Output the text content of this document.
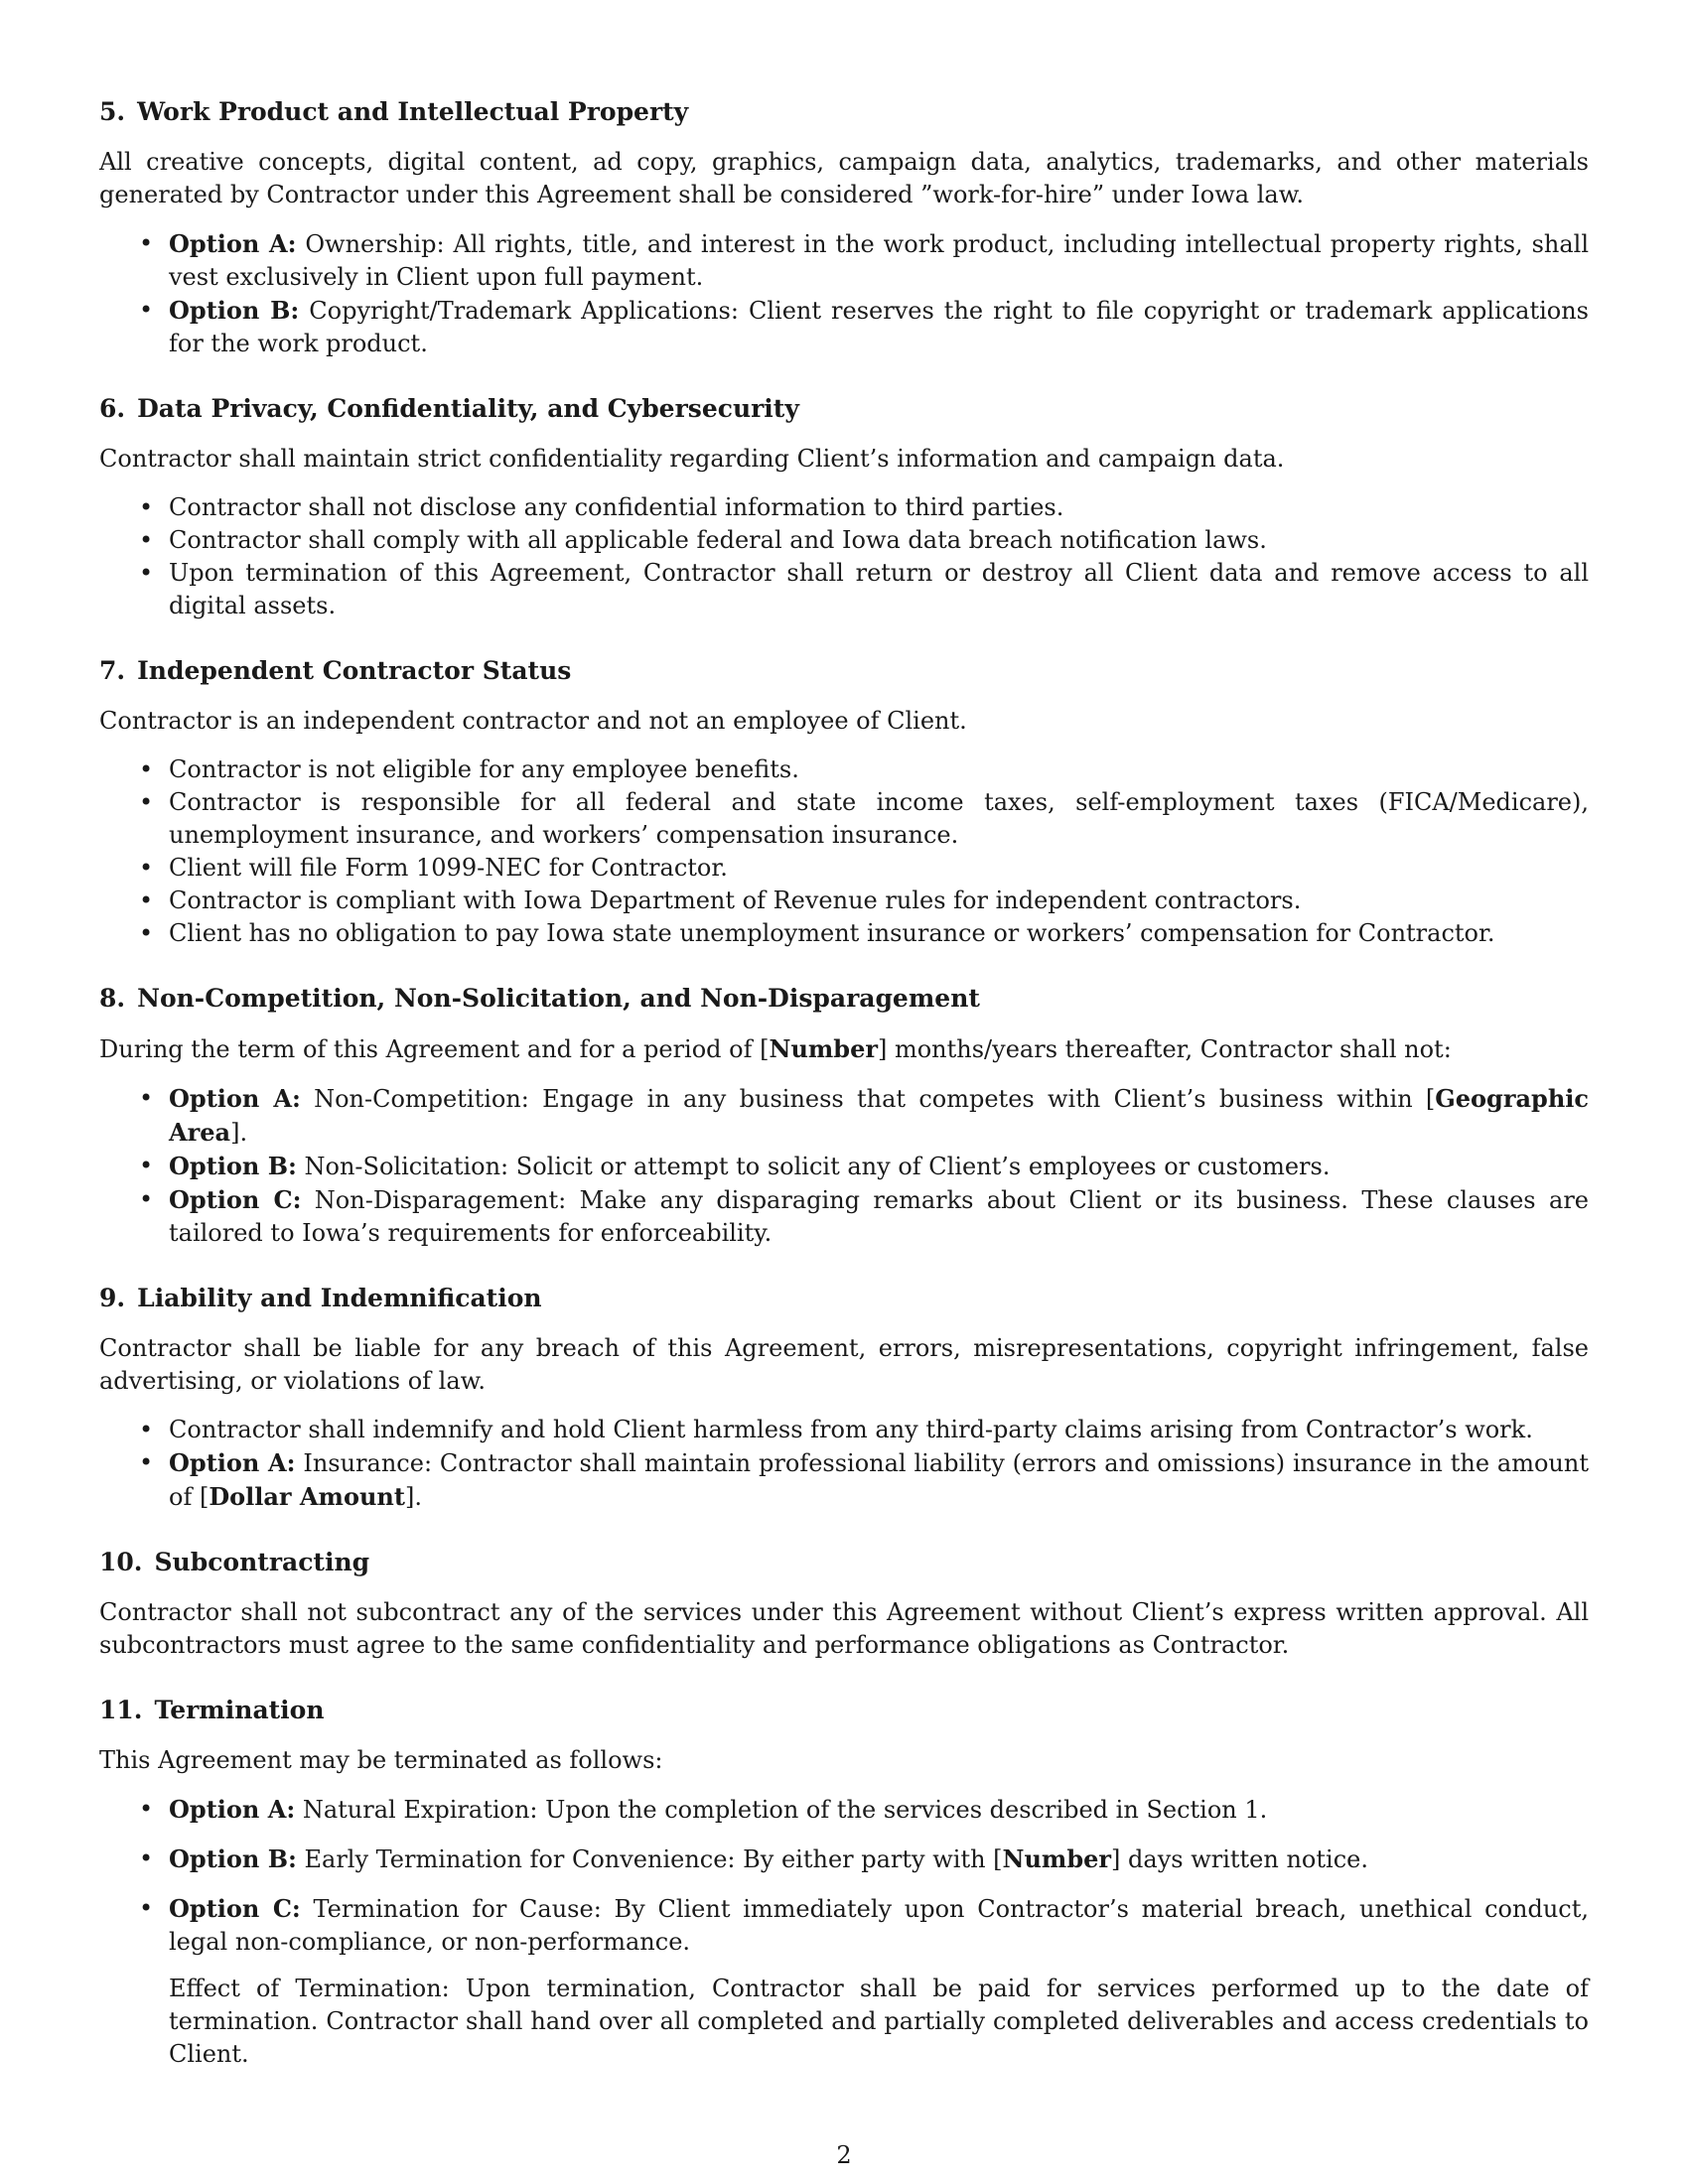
5. Work Product and Intellectual Property

All creative concepts, digital content, ad copy, graphics, campaign data, analytics, trademarks, and other materials generated by Contractor under this Agreement shall be considered ”work-for-hire” under Iowa law.

• Option A: Ownership: All rights, title, and interest in the work product, including intellectual property rights, shall vest exclusively in Client upon full payment.
• Option B: Copyright/Trademark Applications: Client reserves the right to file copyright or trademark applications for the work product.
6. Data Privacy, Confidentiality, and Cybersecurity

Contractor shall maintain strict confidentiality regarding Client’s information and campaign data.

• Contractor shall not disclose any confidential information to third parties.
• Contractor shall comply with all applicable federal and Iowa data breach notification laws.
• Upon termination of this Agreement, Contractor shall return or destroy all Client data and remove access to all digital assets.
7. Independent Contractor Status

Contractor is an independent contractor and not an employee of Client.

• Contractor is not eligible for any employee benefits.
• Contractor is responsible for all federal and state income taxes, self-employment taxes (FICA/Medicare), unemployment insurance, and workers’ compensation insurance.
• Client will file Form 1099-NEC for Contractor.
• Contractor is compliant with Iowa Department of Revenue rules for independent contractors.
• Client has no obligation to pay Iowa state unemployment insurance or workers’ compensation for Contractor.
8. Non-Competition, Non-Solicitation, and Non-Disparagement

During the term of this Agreement and for a period of [Number] months/years thereafter, Contractor shall not:

• Option A: Non-Competition: Engage in any business that competes with Client’s business within [Geographic Area].
• Option B: Non-Solicitation: Solicit or attempt to solicit any of Client’s employees or customers.
• Option C: Non-Disparagement: Make any disparaging remarks about Client or its business. These clauses are tailored to Iowa’s requirements for enforceability.
9. Liability and Indemnification

Contractor shall be liable for any breach of this Agreement, errors, misrepresentations, copyright infringement, false advertising, or violations of law.

• Contractor shall indemnify and hold Client harmless from any third-party claims arising from Contractor’s work.
• Option A: Insurance: Contractor shall maintain professional liability (errors and omissions) insurance in the amount of [Dollar Amount].
10. Subcontracting

Contractor shall not subcontract any of the services under this Agreement without Client’s express written approval. All subcontractors must agree to the same confidentiality and performance obligations as Contractor.

11. Termination

This Agreement may be terminated as follows:

• Option A: Natural Expiration: Upon the completion of the services described in Section 1.
• Option B: Early Termination for Convenience: By either party with [Number] days written notice.
• Option C: Termination for Cause: By Client immediately upon Contractor’s material breach, unethical conduct, legal non-compliance, or non-performance.

Effect of Termination: Upon termination, Contractor shall be paid for services performed up to the date of termination. Contractor shall hand over all completed and partially completed deliverables and access credentials to Client.

2
